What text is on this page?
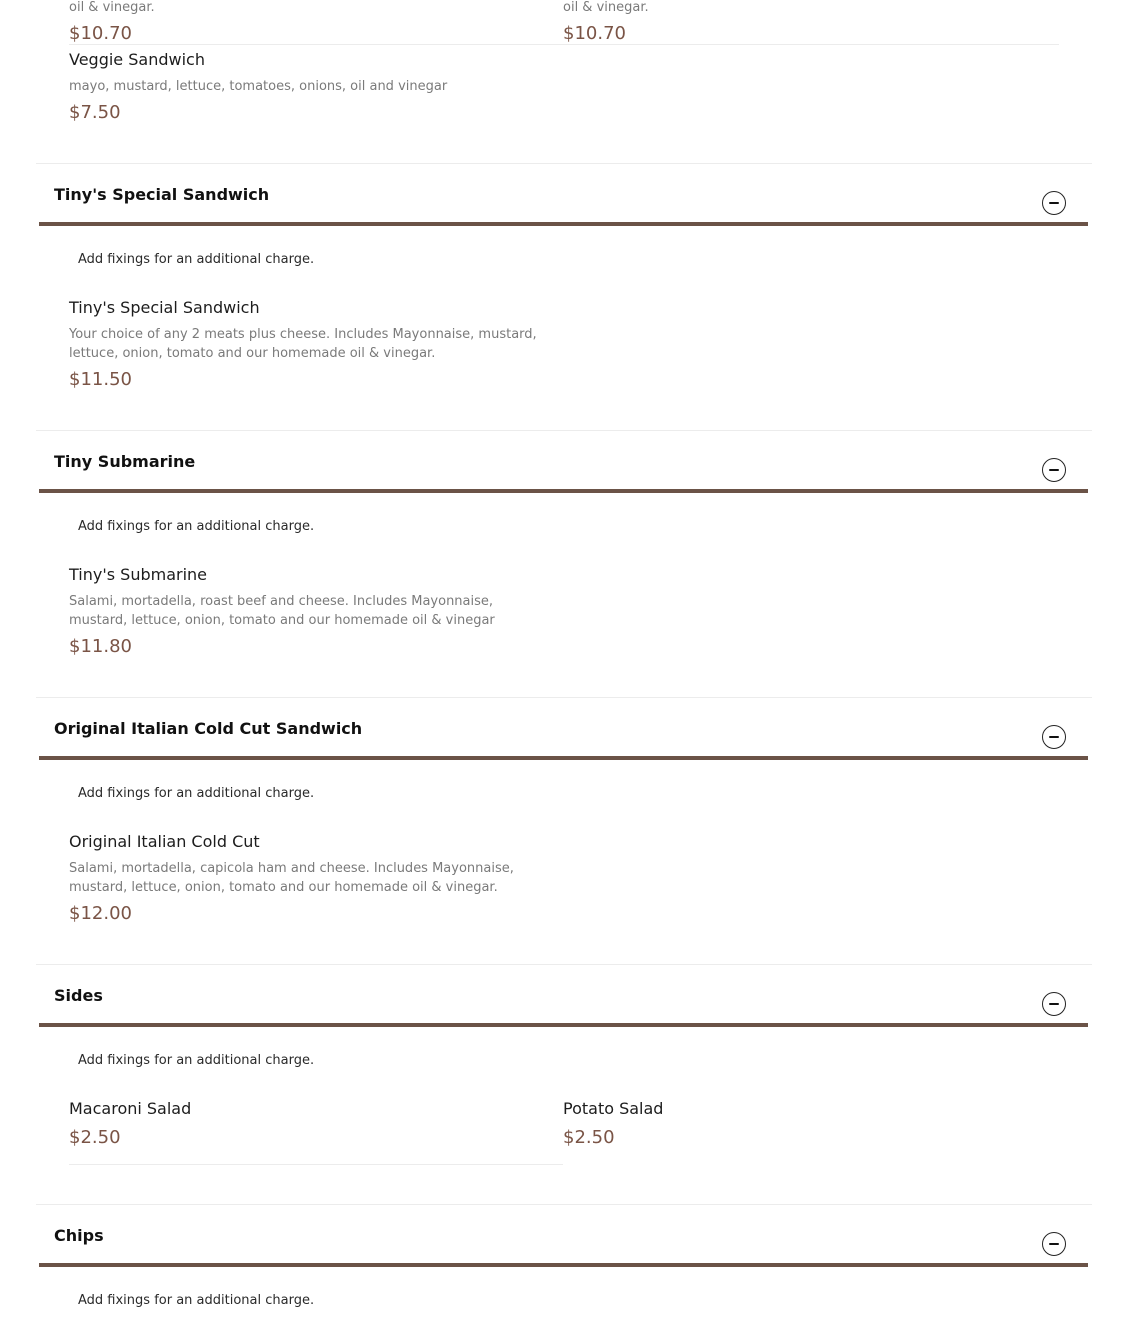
oil & vinegar.
$10.70
oil & vinegar.
$10.70
Veggie Sandwich
mayo, mustard, lettuce, tomatoes, onions, oil and vinegar
$7.50
Tiny's Special Sandwich
Add fixings for an additional charge.
Tiny's Special Sandwich
Your choice of any 2 meats plus cheese. Includes Mayonnaise, mustard, lettuce, onion, tomato and our homemade oil & vinegar.
$11.50
Tiny Submarine
Add fixings for an additional charge.
Tiny's Submarine
Salami, mortadella, roast beef and cheese. Includes Mayonnaise, mustard, lettuce, onion, tomato and our homemade oil & vinegar
$11.80
Original Italian Cold Cut Sandwich
Add fixings for an additional charge.
Original Italian Cold Cut
Salami, mortadella, capicola ham and cheese. Includes Mayonnaise, mustard, lettuce, onion, tomato and our homemade oil & vinegar.
$12.00
Sides
Add fixings for an additional charge.
Macaroni Salad
$2.50
Potato Salad
$2.50
Chips
Add fixings for an additional charge.
